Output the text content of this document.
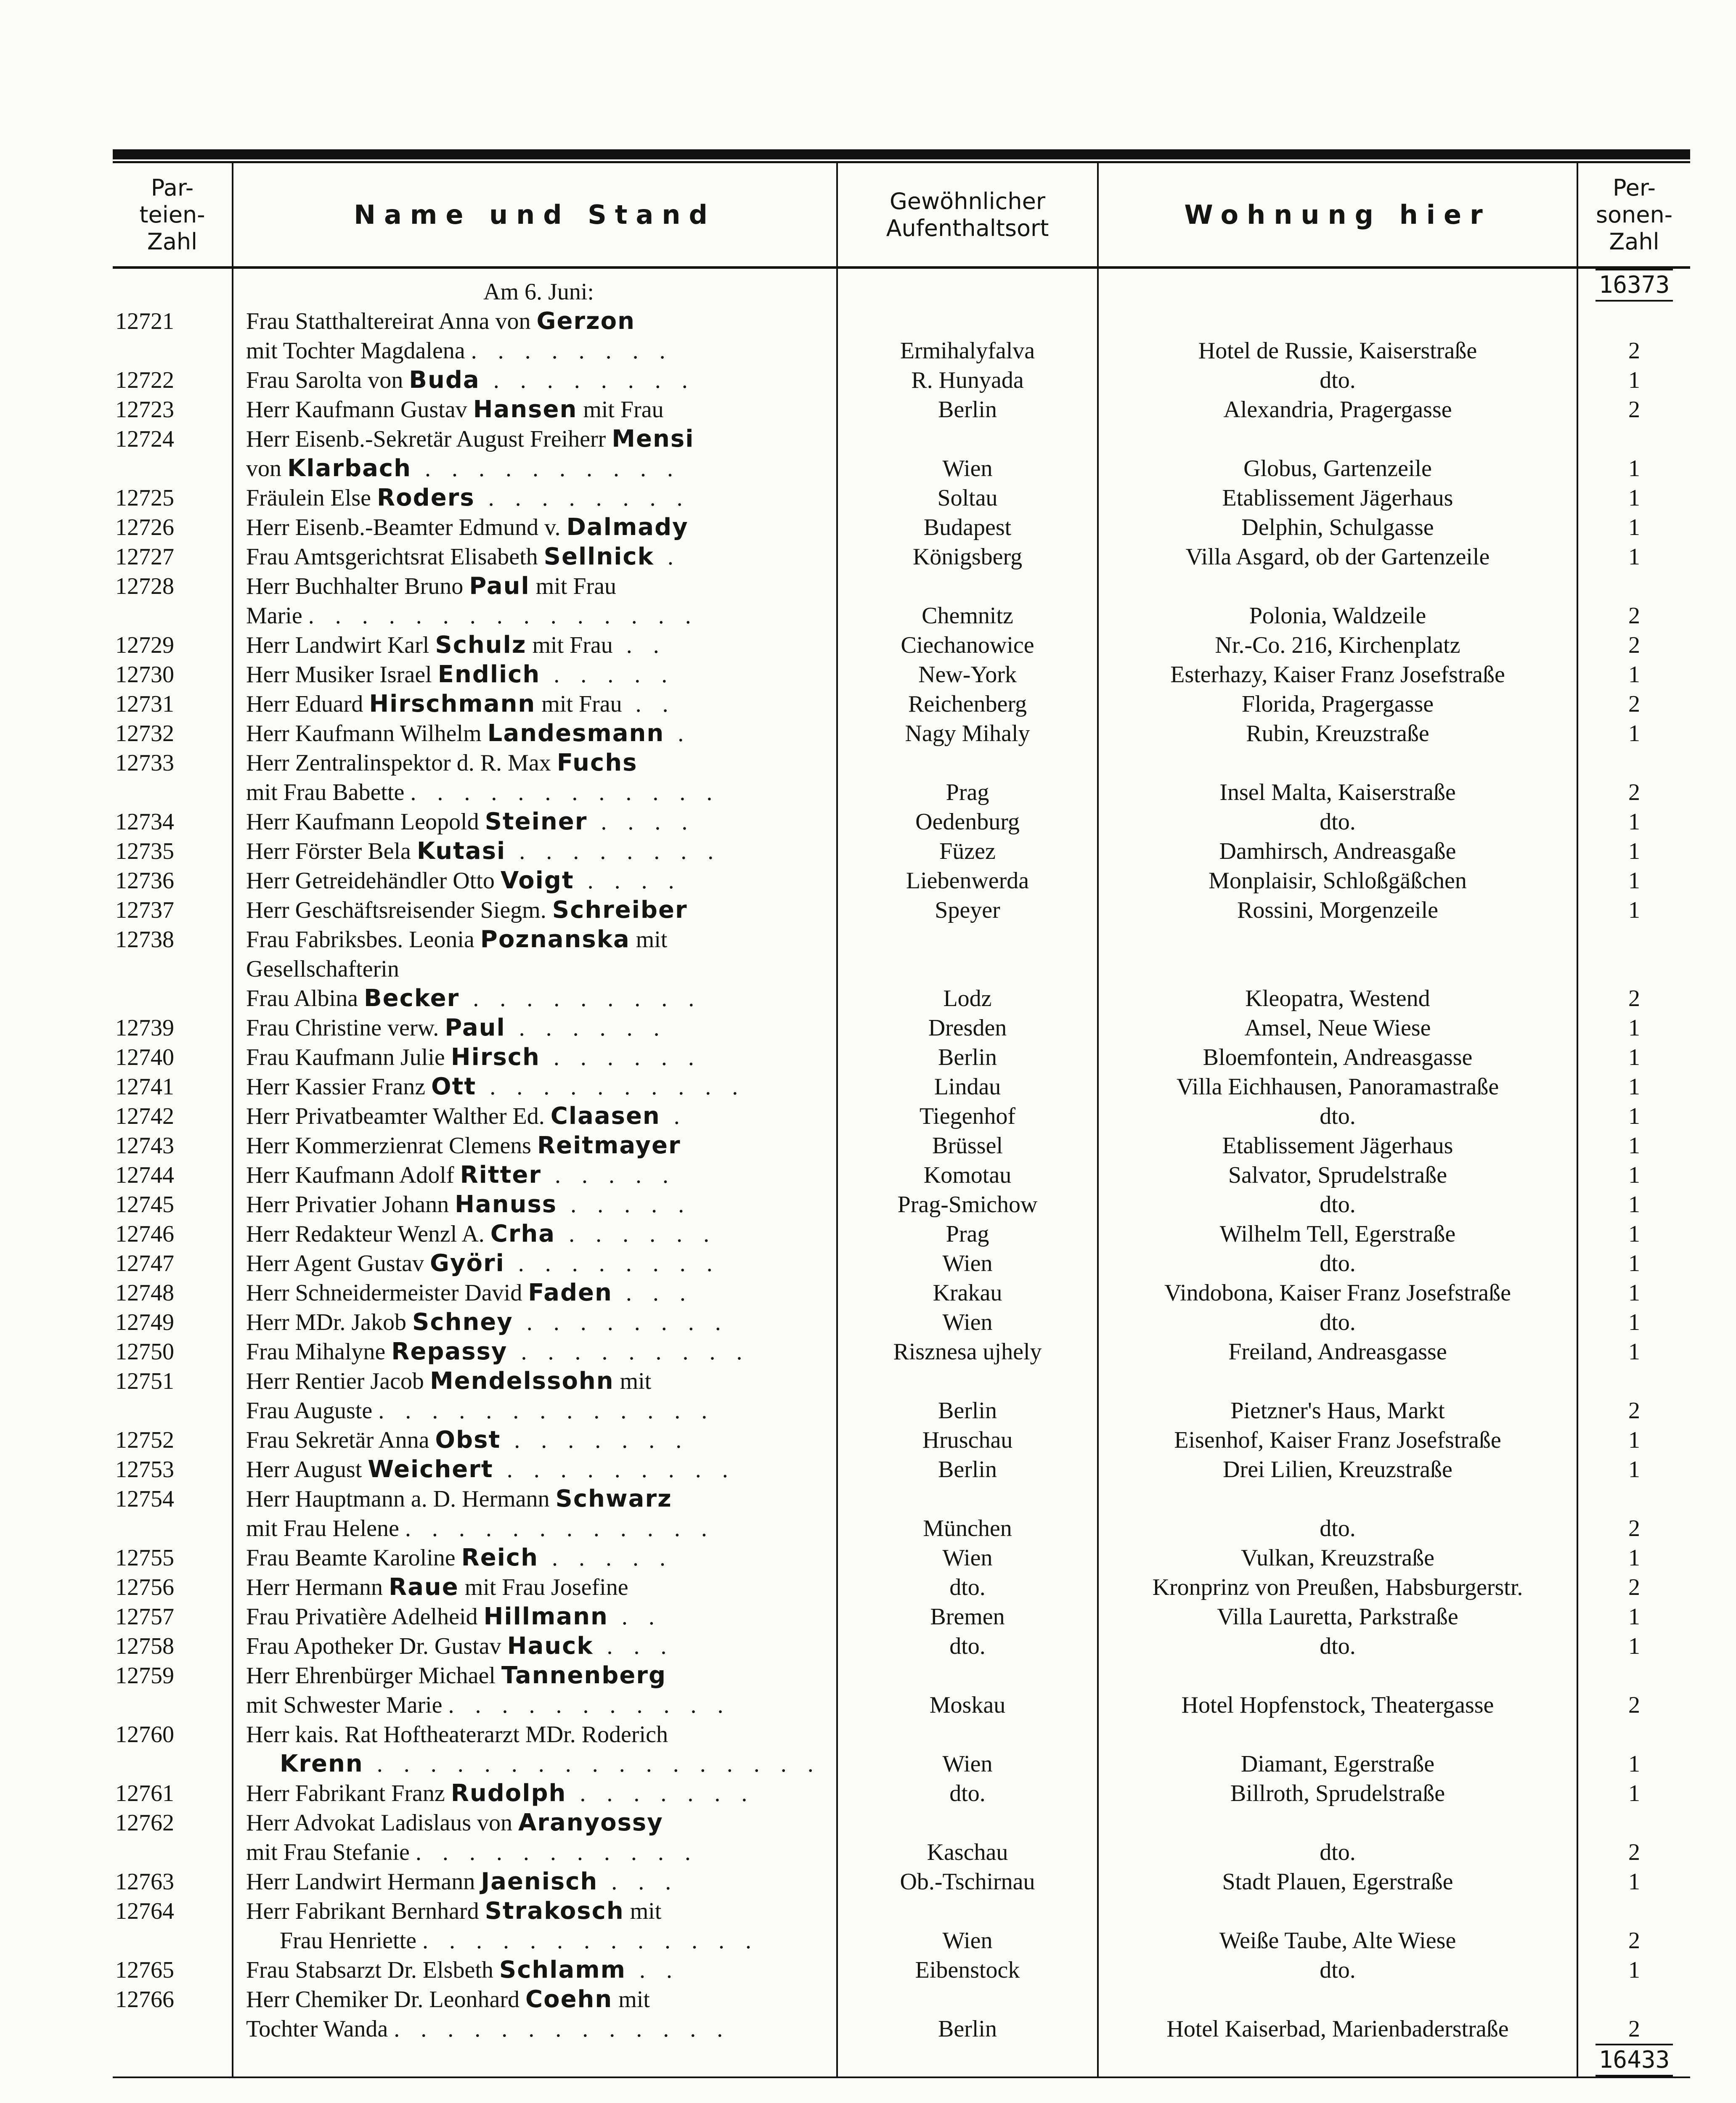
Par-
teien-
Zahl	Name und Stand	Gewöhnlicher
Aufenthaltsort	Wohnung hier	Per-
sonen-
Zahl
	Am 6. Juni:			16373
12721	Frau Statthaltereirat Anna von Gerzon			
	mit Tochter Magdalena . . . . . . . .	Ermihalyfalva	Hotel de Russie, Kaiserstraße	2
12722	Frau Sarolta von Buda . . . . . . . .	R. Hunyada	dto.	1
12723	Herr Kaufmann Gustav Hansen mit Frau	Berlin	Alexandria, Pragergasse	2
12724	Herr Eisenb.-Sekretär August Freiherr Mensi			
	von Klarbach . . . . . . . . . .	Wien	Globus, Gartenzeile	1
12725	Fräulein Else Roders . . . . . . . .	Soltau	Etablissement Jägerhaus	1
12726	Herr Eisenb.-Beamter Edmund v. Dalmady	Budapest	Delphin, Schulgasse	1
12727	Frau Amtsgerichtsrat Elisabeth Sellnick .	Königsberg	Villa Asgard, ob der Gartenzeile	1
12728	Herr Buchhalter Bruno Paul mit Frau			
	Marie . . . . . . . . . . . . . . .	Chemnitz	Polonia, Waldzeile	2
12729	Herr Landwirt Karl Schulz mit Frau . .	Ciechanowice	Nr.-Co. 216, Kirchenplatz	2
12730	Herr Musiker Israel Endlich . . . . .	New-York	Esterhazy, Kaiser Franz Josefstraße	1
12731	Herr Eduard Hirschmann mit Frau . .	Reichenberg	Florida, Pragergasse	2
12732	Herr Kaufmann Wilhelm Landesmann .	Nagy Mihaly	Rubin, Kreuzstraße	1
12733	Herr Zentralinspektor d. R. Max Fuchs			
	mit Frau Babette . . . . . . . . . . . .	Prag	Insel Malta, Kaiserstraße	2
12734	Herr Kaufmann Leopold Steiner . . . .	Oedenburg	dto.	1
12735	Herr Förster Bela Kutasi . . . . . . . .	Füzez	Damhirsch, Andreasgaße	1
12736	Herr Getreidehändler Otto Voigt . . . .	Liebenwerda	Monplaisir, Schloßgäßchen	1
12737	Herr Geschäftsreisender Siegm. Schreiber	Speyer	Rossini, Morgenzeile	1
12738	Frau Fabriksbes. Leonia Poznanska mit			
	Gesellschafterin			
	Frau Albina Becker . . . . . . . . .	Lodz	Kleopatra, Westend	2
12739	Frau Christine verw. Paul . . . . . .	Dresden	Amsel, Neue Wiese	1
12740	Frau Kaufmann Julie Hirsch . . . . . .	Berlin	Bloemfontein, Andreasgasse	1
12741	Herr Kassier Franz Ott . . . . . . . . . .	Lindau	Villa Eichhausen, Panoramastraße	1
12742	Herr Privatbeamter Walther Ed. Claasen .	Tiegenhof	dto.	1
12743	Herr Kommerzienrat Clemens Reitmayer	Brüssel	Etablissement Jägerhaus	1
12744	Herr Kaufmann Adolf Ritter . . . . .	Komotau	Salvator, Sprudelstraße	1
12745	Herr Privatier Johann Hanuss . . . . .	Prag-Smichow	dto.	1
12746	Herr Redakteur Wenzl A. Crha . . . . . .	Prag	Wilhelm Tell, Egerstraße	1
12747	Herr Agent Gustav Györi . . . . . . . .	Wien	dto.	1
12748	Herr Schneidermeister David Faden . . .	Krakau	Vindobona, Kaiser Franz Josefstraße	1
12749	Herr MDr. Jakob Schney . . . . . . . .	Wien	dto.	1
12750	Frau Mihalyne Repassy . . . . . . . . .	Risznesa ujhely	Freiland, Andreasgasse	1
12751	Herr Rentier Jacob Mendelssohn mit			
	Frau Auguste . . . . . . . . . . . . .	Berlin	Pietzner's Haus, Markt	2
12752	Frau Sekretär Anna Obst . . . . . . .	Hruschau	Eisenhof, Kaiser Franz Josefstraße	1
12753	Herr August Weichert . . . . . . . . .	Berlin	Drei Lilien, Kreuzstraße	1
12754	Herr Hauptmann a. D. Hermann Schwarz			
	mit Frau Helene . . . . . . . . . . . .	München	dto.	2
12755	Frau Beamte Karoline Reich . . . . .	Wien	Vulkan, Kreuzstraße	1
12756	Herr Hermann Raue mit Frau Josefine	dto.	Kronprinz von Preußen, Habsburgerstr.	2
12757	Frau Privatière Adelheid Hillmann . .	Bremen	Villa Lauretta, Parkstraße	1
12758	Frau Apotheker Dr. Gustav Hauck . . .	dto.	dto.	1
12759	Herr Ehrenbürger Michael Tannenberg			
	mit Schwester Marie . . . . . . . . . . .	Moskau	Hotel Hopfenstock, Theatergasse	2
12760	Herr kais. Rat Hoftheaterarzt MDr. Roderich			
	Krenn . . . . . . . . . . . . . . . . .	Wien	Diamant, Egerstraße	1
12761	Herr Fabrikant Franz Rudolph . . . . . . .	dto.	Billroth, Sprudelstraße	1
12762	Herr Advokat Ladislaus von Aranyossy			
	mit Frau Stefanie . . . . . . . . . . .	Kaschau	dto.	2
12763	Herr Landwirt Hermann Jaenisch . . .	Ob.-Tschirnau	Stadt Plauen, Egerstraße	1
12764	Herr Fabrikant Bernhard Strakosch mit			
	Frau Henriette . . . . . . . . . . . . .	Wien	Weiße Taube, Alte Wiese	2
12765	Frau Stabsarzt Dr. Elsbeth Schlamm . .	Eibenstock	dto.	1
12766	Herr Chemiker Dr. Leonhard Coehn mit			
	Tochter Wanda . . . . . . . . . . . . .	Berlin	Hotel Kaiserbad, Marienbaderstraße	2
				16433
